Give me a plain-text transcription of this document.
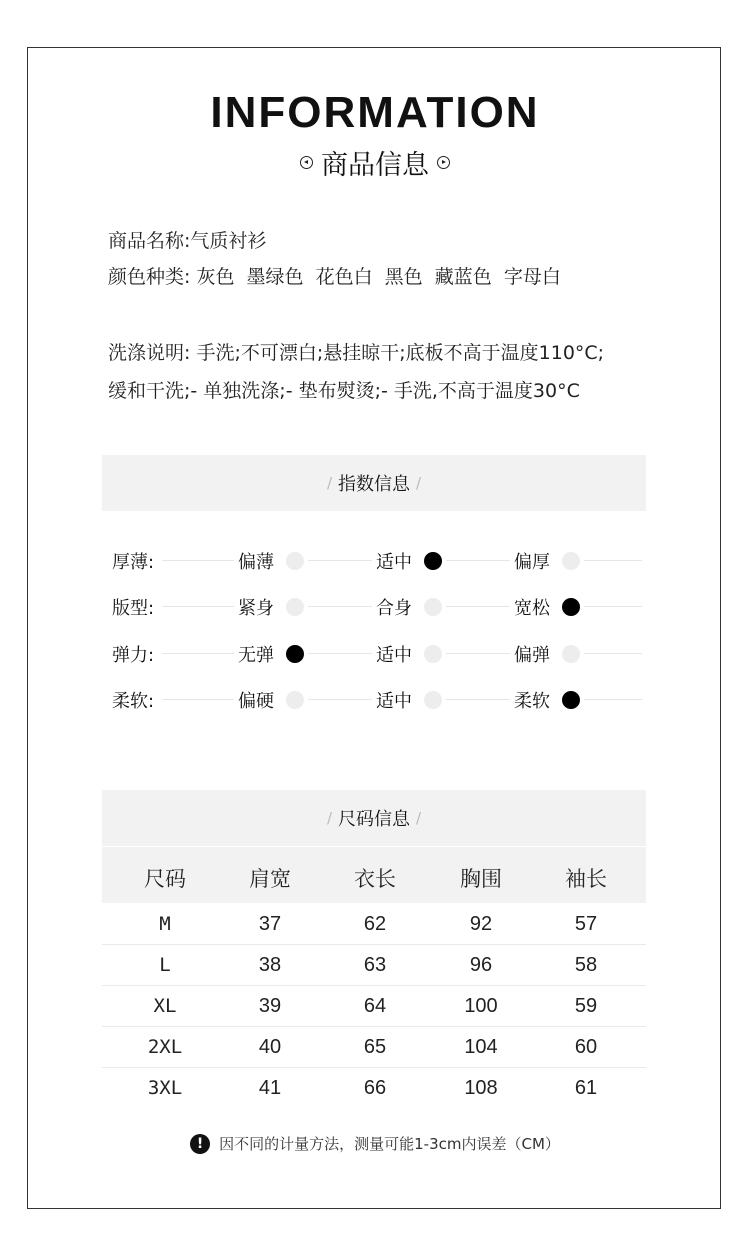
INFORMATION
商品信息
商品名称:气质衬衫
颜色种类: 灰色  墨绿色  花色白  黑色  藏蓝色  字母白
洗涤说明: 手洗;不可漂白;悬挂晾干;底板不高于温度110°C;
缓和干洗;- 单独洗涤;- 垫布熨烫;- 手洗,不高于温度30°C
/ 指数信息 /
厚薄:	偏薄	适中	偏厚
版型:	紧身	合身	宽松
弹力:	无弹	适中	偏弹
柔软:	偏硬	适中	柔软
/ 尺码信息 /
尺码	肩宽	衣长	胸围	袖长
M	37	62	92	57
L	38	63	96	58
XL	39	64	100	59
2XL	40	65	104	60
3XL	41	66	108	61
!	因不同的计量方法，测量可能1-3cm内误差（CM）
